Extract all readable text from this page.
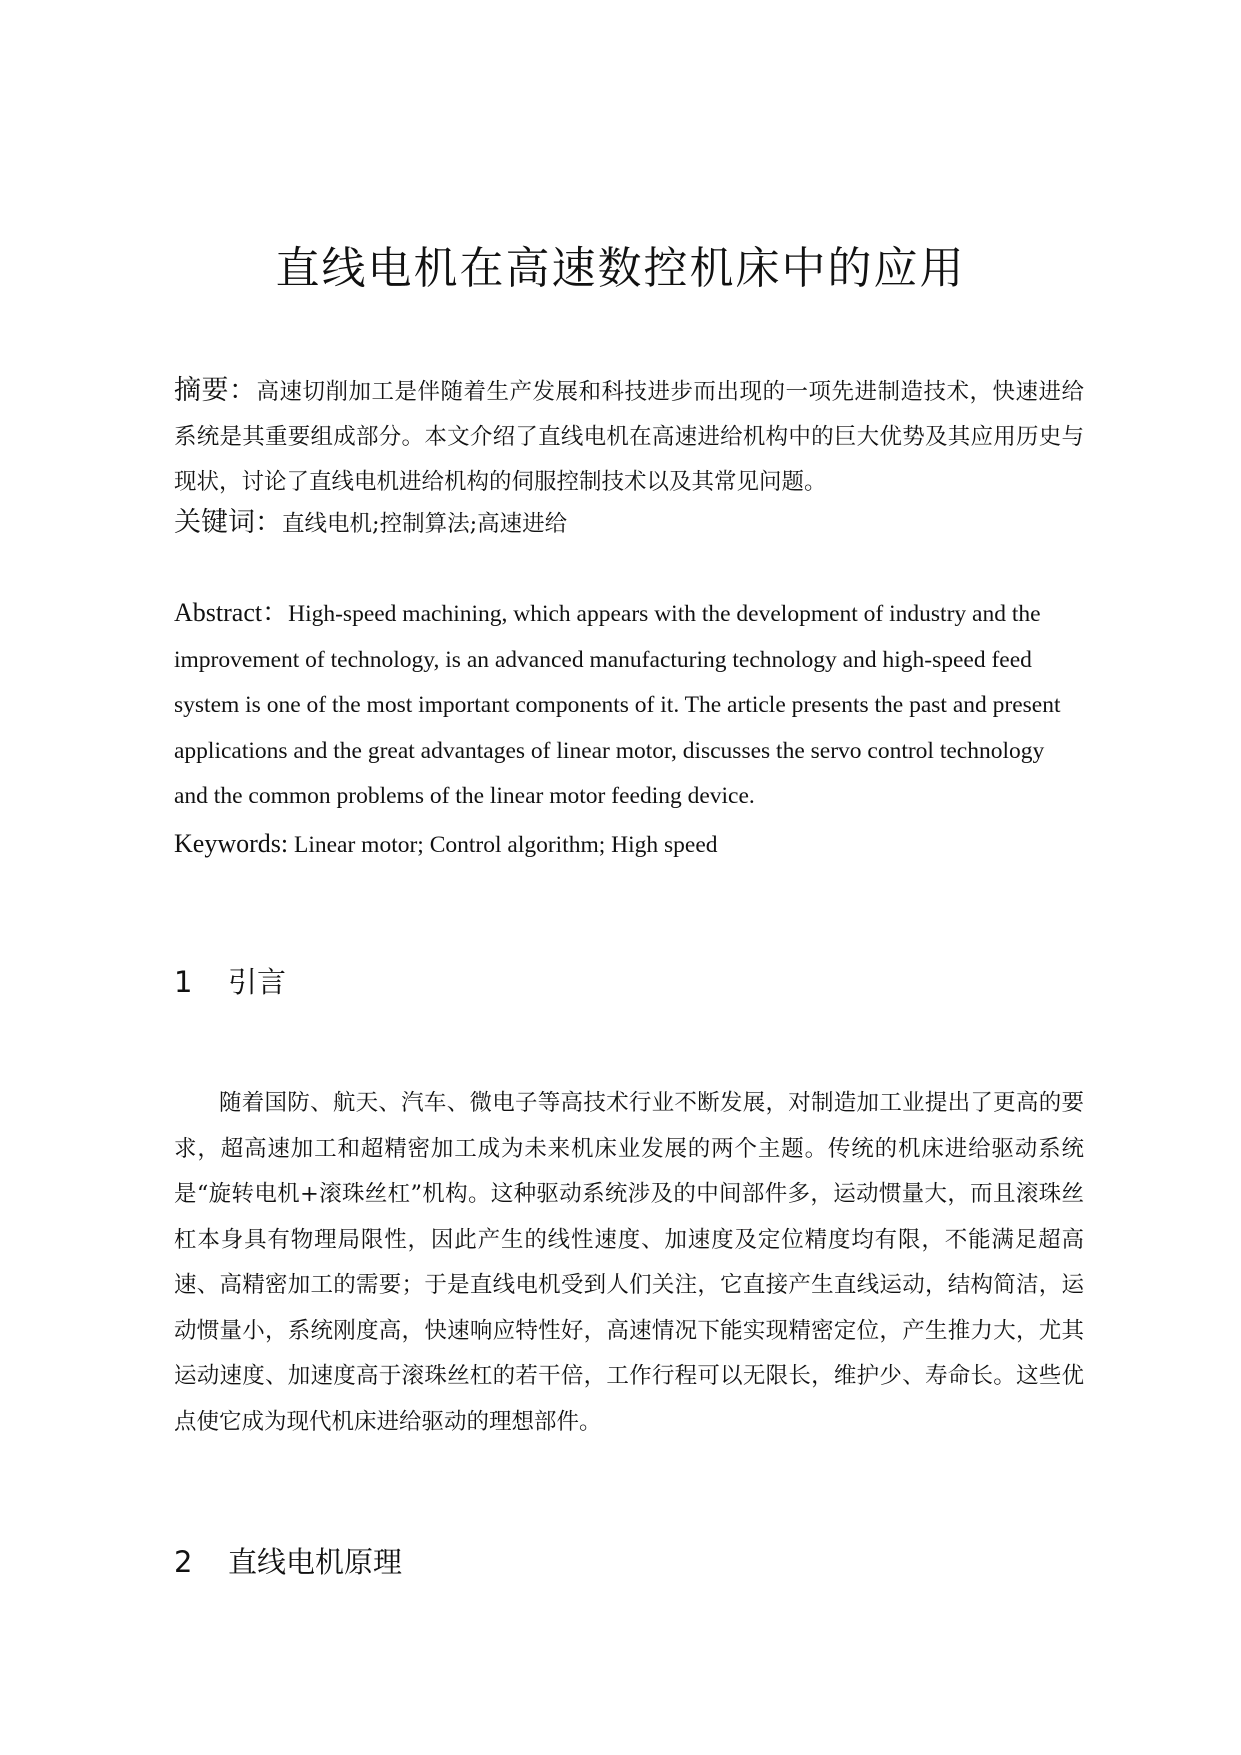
直线电机在高速数控机床中的应用
摘要：高速切削加工是伴随着生产发展和科技进步而出现的一项先进制造技术，快速进给系统是其重要组成部分。本文介绍了直线电机在高速进给机构中的巨大优势及其应用历史与现状，讨论了直线电机进给机构的伺服控制技术以及其常见问题。
关键词：直线电机;控制算法;高速进给
Abstract：High-speed machining, which appears with the development of industry and the improvement of technology, is an advanced manufacturing technology and high-speed feed system is one of the most important components of it. The article presents the past and present applications and the great advantages of linear motor, discusses the servo control technology and the common problems of the linear motor feeding device.
Keywords: Linear motor; Control algorithm; High speed
1 引言

随着国防、航天、汽车、微电子等高技术行业不断发展，对制造加工业提出了更高的要求，超高速加工和超精密加工成为未来机床业发展的两个主题。传统的机床进给驱动系统是“旋转电机+滚珠丝杠”机构。这种驱动系统涉及的中间部件多，运动惯量大，而且滚珠丝杠本身具有物理局限性，因此产生的线性速度、加速度及定位精度均有限，不能满足超高速、高精密加工的需要；于是直线电机受到人们关注，它直接产生直线运动，结构简洁，运动惯量小，系统刚度高，快速响应特性好，高速情况下能实现精密定位，产生推力大，尤其运动速度、加速度高于滚珠丝杠的若干倍，工作行程可以无限长，维护少、寿命长。这些优点使它成为现代机床进给驱动的理想部件。

2 直线电机原理
